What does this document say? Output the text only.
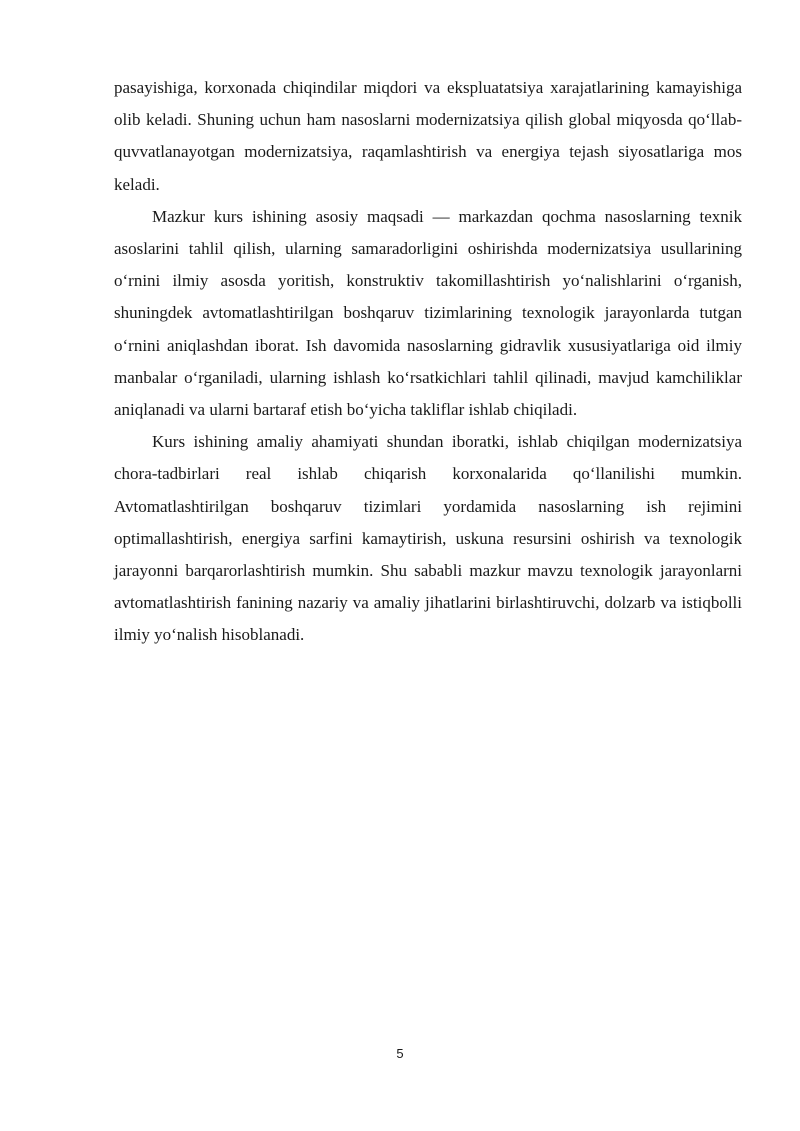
pasayishiga, korxonada chiqindilar miqdori va ekspluatatsiya xarajatlarining kamayishiga olib keladi. Shuning uchun ham nasoslarni modernizatsiya qilish global miqyosda qo‘llab-quvvatlanayotgan modernizatsiya, raqamlashtirish va energiya tejash siyosatlariga mos keladi.

Mazkur kurs ishining asosiy maqsadi — markazdan qochma nasoslarning texnik asoslarini tahlil qilish, ularning samaradorligini oshirishda modernizatsiya usullarining o‘rnini ilmiy asosda yoritish, konstruktiv takomillashtirish yo‘nalishlarini o‘rganish, shuningdek avtomatlashtirilgan boshqaruv tizimlarining texnologik jarayonlarda tutgan o‘rnini aniqlashdan iborat. Ish davomida nasoslarning gidravlik xususiyatlariga oid ilmiy manbalar o‘rganiladi, ularning ishlash ko‘rsatkichlari tahlil qilinadi, mavjud kamchiliklar aniqlanadi va ularni bartaraf etish bo‘yicha takliflar ishlab chiqiladi.

Kurs ishining amaliy ahamiyati shundan iboratki, ishlab chiqilgan modernizatsiya chora-tadbirlari real ishlab chiqarish korxonalarida qo‘llanilishi mumkin. Avtomatlashtirilgan boshqaruv tizimlari yordamida nasoslarning ish rejimini optimallashtirish, energiya sarfini kamaytirish, uskuna resursini oshirish va texnologik jarayonni barqarorlashtirish mumkin. Shu sababli mazkur mavzu texnologik jarayonlarni avtomatlashtirish fanining nazariy va amaliy jihatlarini birlashtiruvchi, dolzarb va istiqbolli ilmiy yo‘nalish hisoblanadi.

5
